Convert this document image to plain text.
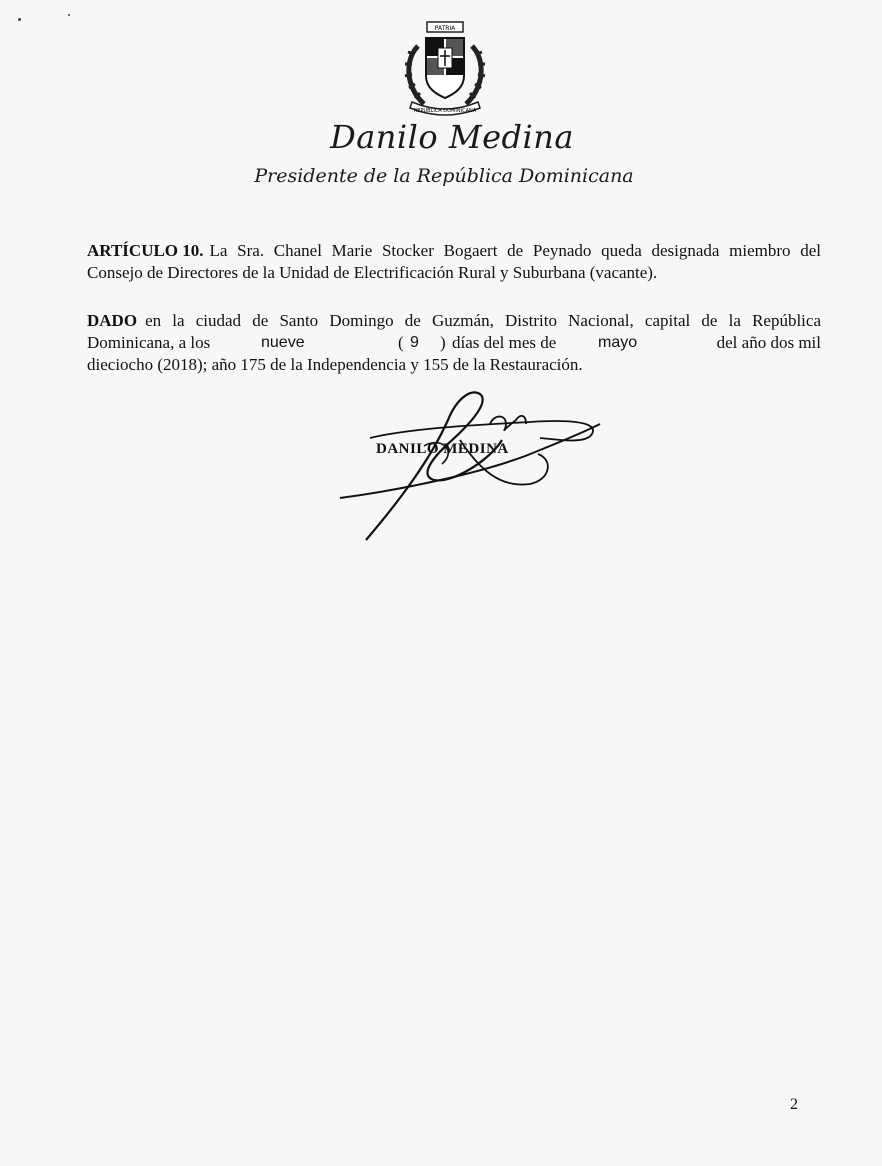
PATRIA
REPUBLICA DOMINICANA
Danilo Medina
Presidente de la República Dominicana
ARTÍCULO 10. La Sra. Chanel Marie Stocker Bogaert de Peynado queda designada miembro del
Consejo de Directores de la Unidad de Electrificación Rural y Suburbana (vacante).
DADO en la ciudad de Santo Domingo de Guzmán, Distrito Nacional, capital de la República
Dominicana, a los	nueve	( 9 ) días del mes de	mayo	del año dos mil
dieciocho (2018); año 175 de la Independencia y 155 de la Restauración.
DANILO MEDINA
2
